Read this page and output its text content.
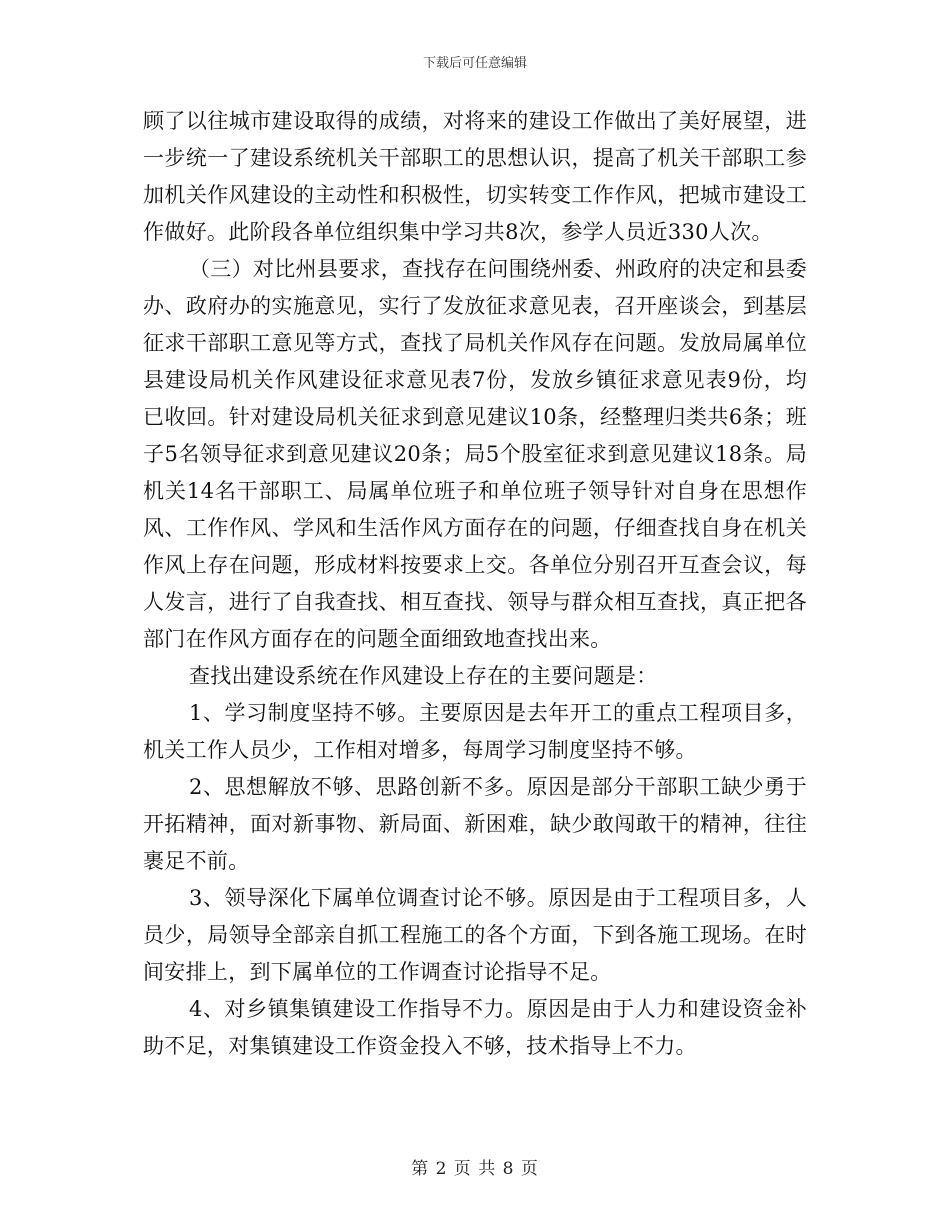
下载后可任意编辑

顾了以往城市建设取得的成绩，对将来的建设工作做出了美好展望，进一步统一了建设系统机关干部职工的思想认识，提高了机关干部职工参加机关作风建设的主动性和积极性，切实转变工作作风，把城市建设工作做好。此阶段各单位组织集中学习共8次，参学人员近330人次。

（三）对比州县要求，查找存在问围绕州委、州政府的决定和县委办、政府办的实施意见，实行了发放征求意见表，召开座谈会，到基层征求干部职工意见等方式，查找了局机关作风存在问题。发放局属单位县建设局机关作风建设征求意见表7份，发放乡镇征求意见表9份，均已收回。针对建设局机关征求到意见建议10条，经整理归类共6条；班子5名领导征求到意见建议20条；局5个股室征求到意见建议18条。局机关14名干部职工、局属单位班子和单位班子领导针对自身在思想作风、工作作风、学风和生活作风方面存在的问题，仔细查找自身在机关作风上存在问题，形成材料按要求上交。各单位分别召开互查会议，每人发言，进行了自我查找、相互查找、领导与群众相互查找，真正把各部门在作风方面存在的问题全面细致地查找出来。

查找出建设系统在作风建设上存在的主要问题是：

1、学习制度坚持不够。主要原因是去年开工的重点工程项目多，机关工作人员少，工作相对增多，每周学习制度坚持不够。

2、思想解放不够、思路创新不多。原因是部分干部职工缺少勇于开拓精神，面对新事物、新局面、新困难，缺少敢闯敢干的精神，往往裹足不前。

3、领导深化下属单位调查讨论不够。原因是由于工程项目多，人员少，局领导全部亲自抓工程施工的各个方面，下到各施工现场。在时间安排上，到下属单位的工作调查讨论指导不足。

4、对乡镇集镇建设工作指导不力。原因是由于人力和建设资金补助不足，对集镇建设工作资金投入不够，技术指导上不力。

第 2 页 共 8 页
